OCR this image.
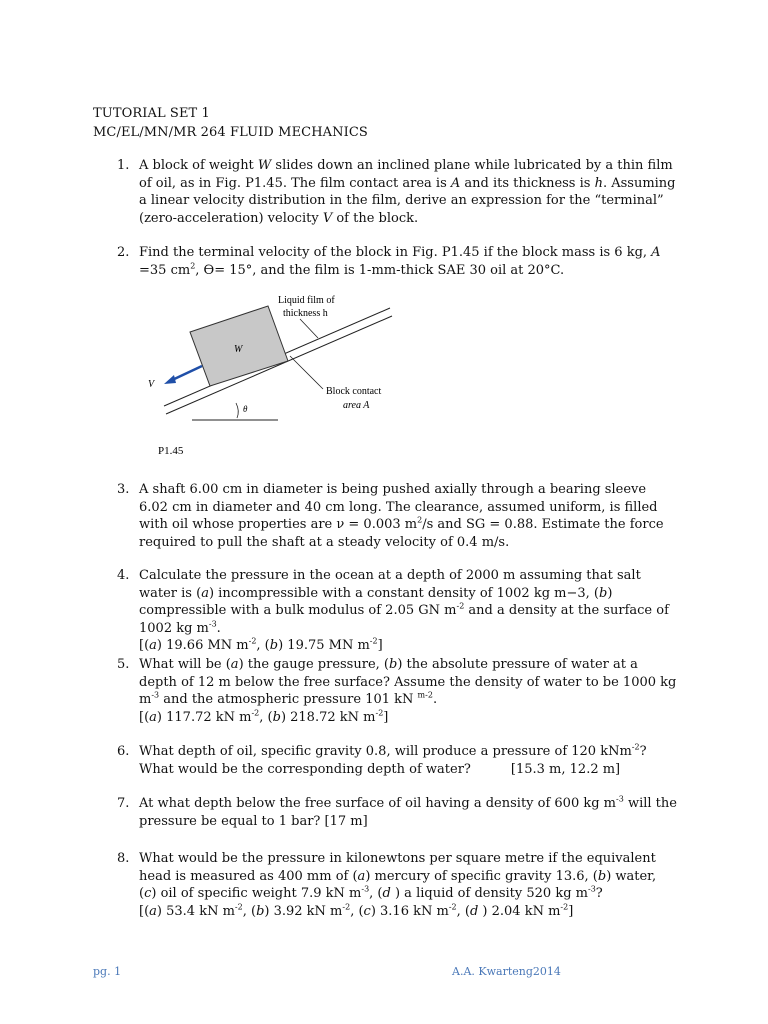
TUTORIAL SET 1
MC/EL/MN/MR 264 FLUID MECHANICS
1. A block of weight W slides down an inclined plane while lubricated by a thin film of oil, as in Fig. P1.45. The film contact area is A and its thickness is h. Assuming a linear velocity distribution in the film, derive an expression for the “terminal” (zero-acceleration) velocity V of the block.
2. Find the terminal velocity of the block in Fig. P1.45 if the block mass is 6 kg, A =35 $cm^2$, ϴ= 15°, and the film is 1-mm-thick SAE 30 oil at 20°C.
W
V
Liquid film of
thickness h
Block contact
area A
θ
P1.45
3. A shaft 6.00 cm in diameter is being pushed axially through a bearing sleeve 6.02 cm in diameter and 40 cm long. The clearance, assumed uniform, is filled with oil whose properties are ν = 0.003 $m^2/s$ and SG = 0.88. Estimate the force required to pull the shaft at a steady velocity of 0.4 m/s.
4. Calculate the pressure in the ocean at a depth of 2000 m assuming that salt water is (a) incompressible with a constant density of 1002 kg m−3, (b) compressible with a bulk modulus of 2.05 GN $m^{-2}$ and a density at the surface of 1002 kg $m^{-3}$.
[(a) 19.66 MN $m^{-2}$, (b) 19.75 MN $m^{-2}$]
5. What will be (a) the gauge pressure, (b) the absolute pressure of water at a depth of 12 m below the free surface? Assume the density of water to be 1000 kg $m^{-3}$ and the atmospheric pressure 101 kN $^{m-2}$.
[(a) 117.72 kN $m^{-2}$, (b) 218.72 kN $m^{-2}$]
6. What depth of oil, specific gravity 0.8, will produce a pressure of 120 kNm$^{-2}$? What would be the corresponding depth of water?	[15.3 m, 12.2 m]
7. At what depth below the free surface of oil having a density of 600 kg $m^{-3}$ will the pressure be equal to 1 bar? [17 m]
8. What would be the pressure in kilonewtons per square metre if the equivalent head is measured as 400 mm of (a) mercury of specific gravity 13.6, (b) water, (c) oil of specific weight 7.9 kN $m^{-3}$, (d ) a liquid of density 520 kg $m^{-3}$?
[(a) 53.4 kN $m^{-2}$, (b) 3.92 kN $m^{-2}$, (c) 3.16 kN $m^{-2}$, (d ) 2.04 kN $m^{-2}$]
pg. 1	A.A. Kwarteng2014
